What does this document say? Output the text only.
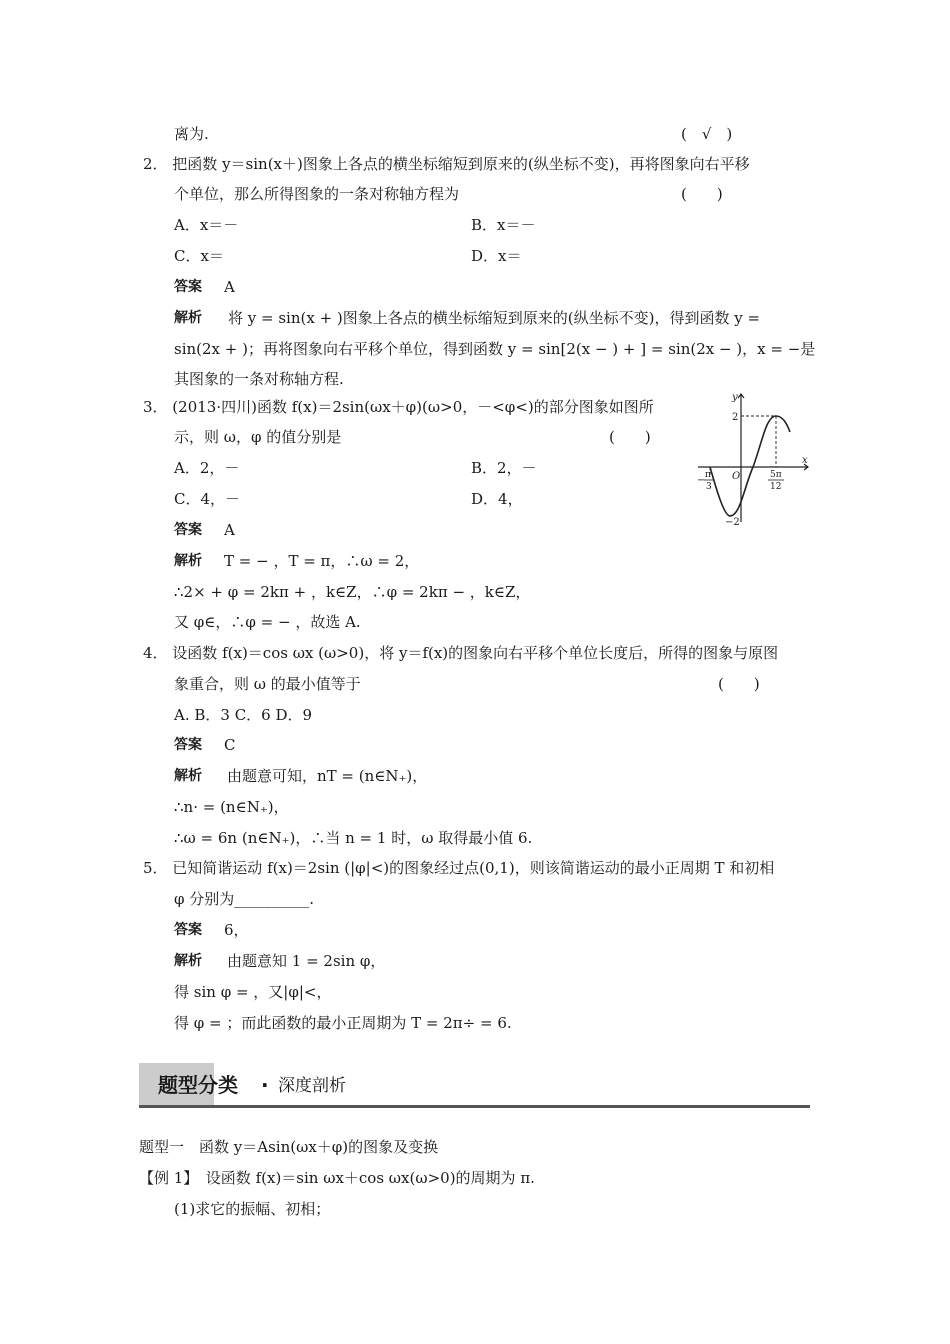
离为.	(　√　)
2． 把函数 y＝sin(x＋)图象上各点的横坐标缩短到原来的(纵坐标不变)，再将图象向右平移
个单位，那么所得图象的一条对称轴方程为	(　　)
A．x＝－	B．x＝－
C．x＝	D．x＝
答案 A
解析 将 y = sin(x + )图象上各点的横坐标缩短到原来的(纵坐标不变)，得到函数 y =
sin(2x + )；再将图象向右平移个单位，得到函数 y = sin[2(x − ) + ] = sin(2x − )，x = −是
其图象的一条对称轴方程.
3． (2013·四川)函数 f(x)＝2sin(ωx＋φ)(ω>0，－<φ<)的部分图象如图所
示，则 ω，φ 的值分别是	(　　)
A．2，－	B．2，－
C．4，－	D．4，
答案 A
解析 T = − ，T = π，∴ω = 2，
∴2× + φ = 2kπ + ，k∈Z，∴φ = 2kπ − ，k∈Z，
又 φ∈，∴φ = − ，故选 A.
y
x
O
2
−2
− π
3
5π
12
4． 设函数 f(x)＝cos ωx (ω>0)，将 y＝f(x)的图象向右平移个单位长度后，所得的图象与原图
象重合，则 ω 的最小值等于	(　　)
A. B．3 C．6 D．9
答案 C
解析 由题意可知，nT = (n∈N₊)，
∴n· = (n∈N₊)，
∴ω = 6n (n∈N₊)，∴当 n = 1 时，ω 取得最小值 6.
5． 已知简谐运动 f(x)＝2sin (|φ|<)的图象经过点(0,1)，则该简谐运动的最小正周期 T 和初相
φ 分别为__________.
答案 6，
解析 由题意知 1 = 2sin φ，
得 sin φ = ，又|φ|<，
得 φ = ；而此函数的最小正周期为 T = 2π÷ = 6.
题型分类 · 深度剖析
题型一　函数 y＝Asin(ωx＋φ)的图象及变换
【例 1】　设函数 f(x)＝sin ωx＋cos ωx(ω>0)的周期为 π.
(1)求它的振幅、初相；
